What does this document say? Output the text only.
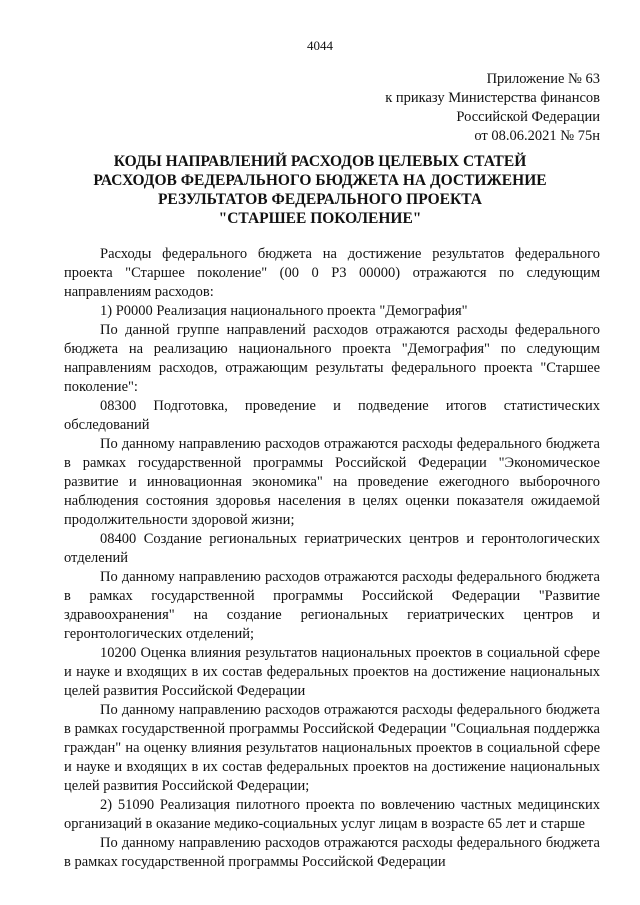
4044
Приложение № 63
к приказу Министерства финансов
Российской Федерации
от 08.06.2021 № 75н
КОДЫ НАПРАВЛЕНИЙ РАСХОДОВ ЦЕЛЕВЫХ СТАТЕЙ
РАСХОДОВ ФЕДЕРАЛЬНОГО БЮДЖЕТА НА ДОСТИЖЕНИЕ
РЕЗУЛЬТАТОВ ФЕДЕРАЛЬНОГО ПРОЕКТА
"СТАРШЕЕ ПОКОЛЕНИЕ"

Расходы федерального бюджета на достижение результатов федерального проекта "Старшее поколение" (00 0 P3 00000) отражаются по следующим направлениям расходов:

1) P0000 Реализация национального проекта "Демография"

По данной группе направлений расходов отражаются расходы федерального бюджета на реализацию национального проекта "Демография" по следующим направлениям расходов, отражающим результаты федерального проекта "Старшее поколение":

08300 Подготовка, проведение и подведение итогов статистических обследований

По данному направлению расходов отражаются расходы федерального бюджета в рамках государственной программы Российской Федерации "Экономическое развитие и инновационная экономика" на проведение ежегодного выборочного наблюдения состояния здоровья населения в целях оценки показателя ожидаемой продолжительности здоровой жизни;

08400 Создание региональных гериатрических центров и геронтологических отделений

По данному направлению расходов отражаются расходы федерального бюджета в рамках государственной программы Российской Федерации "Развитие здравоохранения" на создание региональных гериатрических центров и геронтологических отделений;

10200 Оценка влияния результатов национальных проектов в социальной сфере и науке и входящих в их состав федеральных проектов на достижение национальных целей развития Российской Федерации

По данному направлению расходов отражаются расходы федерального бюджета в рамках государственной программы Российской Федерации "Социальная поддержка граждан" на оценку влияния результатов национальных проектов в социальной сфере и науке и входящих в их состав федеральных проектов на достижение национальных целей развития Российской Федерации;

2) 51090 Реализация пилотного проекта по вовлечению частных медицинских организаций в оказание медико-социальных услуг лицам в возрасте 65 лет и старше

По данному направлению расходов отражаются расходы федерального бюджета в рамках государственной программы Российской Федерации
